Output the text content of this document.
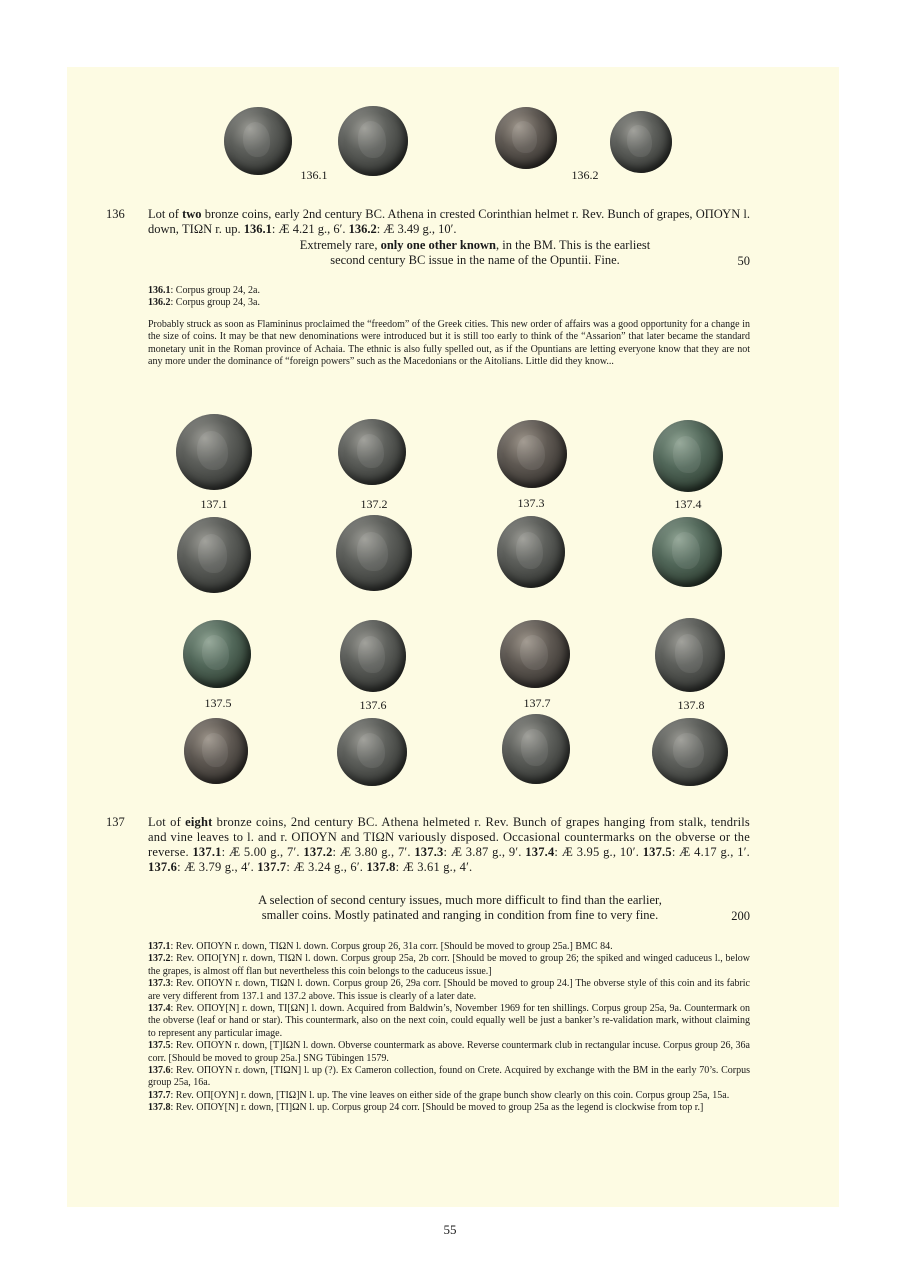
136.1	136.2
136 Lot of two bronze coins, early 2nd century BC. Athena in crested Corinthian helmet r. Rev. Bunch of grapes, ΟΠΟΥΝ l. down, ΤΙΩΝ r. up. 136.1: Æ 4.21 g., 6′. 136.2: Æ 3.49 g., 10′.
Extremely rare, only one other known, in the BM. This is the earliest
second century BC issue in the name of the Opuntii. Fine.	50

136.1: Corpus group 24, 2a.

136.2: Corpus group 24, 3a.

Probably struck as soon as Flamininus proclaimed the “freedom” of the Greek cities. This new order of affairs was a good opportunity for a change in the size of coins. It may be that new denominations were introduced but it is still too early to think of the “Assarion” that later became the standard monetary unit in the Roman province of Achaia. The ethnic is also fully spelled out, as if the Opuntians are letting everyone know that they are not any more under the dominance of “foreign powers” such as the Macedonians or the Aitolians. Little did they know...
137.1	137.2	137.3	137.4
137.5	137.6	137.7	137.8
137 Lot of eight bronze coins, 2nd century BC. Athena helmeted r. Rev. Bunch of grapes hanging from stalk, tendrils and vine leaves to l. and r. ΟΠΟΥΝ and ΤΙΩΝ variously disposed. Occasional countermarks on the obverse or the reverse. 137.1: Æ 5.00 g., 7′. 137.2: Æ 3.80 g., 7′. 137.3: Æ 3.87 g., 9′. 137.4: Æ 3.95 g., 10′. 137.5: Æ 4.17 g., 1′. 137.6: Æ 3.79 g., 4′. 137.7: Æ 3.24 g., 6′. 137.8: Æ 3.61 g., 4′.
A selection of second century issues, much more difficult to find than the earlier,
smaller coins. Mostly patinated and ranging in condition from fine to very fine.	200

137.1: Rev. ΟΠΟΥΝ r. down, ΤΙΩΝ l. down. Corpus group 26, 31a corr. [Should be moved to group 25a.] BMC 84.

137.2: Rev. ΟΠΟ[ΥΝ] r. down, ΤΙΩΝ l. down. Corpus group 25a, 2b corr. [Should be moved to group 26; the spiked and winged caduceus l., below the grapes, is almost off flan but nevertheless this coin belongs to the caduceus issue.]

137.3: Rev. ΟΠΟΥΝ r. down, ΤΙΩΝ l. down. Corpus group 26, 29a corr. [Should be moved to group 24.] The obverse style of this coin and its fabric are very different from 137.1 and 137.2 above. This issue is clearly of a later date.

137.4: Rev. ΟΠΟΥ[Ν] r. down, ΤΙ[ΩΝ] l. down. Acquired from Baldwin’s, November 1969 for ten shillings. Corpus group 25a, 9a. Countermark on the obverse (leaf or hand or star). This countermark, also on the next coin, could equally well be just a banker’s re-validation mark, without claiming to represent any particular image.

137.5: Rev. ΟΠΟΥΝ r. down, [Τ]ΙΩΝ l. down. Obverse countermark as above. Reverse countermark club in rectangular incuse. Corpus group 26, 36a corr. [Should be moved to group 25a.] SNG Tübingen 1579.

137.6: Rev. ΟΠΟΥΝ r. down, [ΤΙΩΝ] l. up (?). Ex Cameron collection, found on Crete. Acquired by exchange with the BM in the early 70’s. Corpus group 25a, 16a.

137.7: Rev. ΟΠ[ΟΥΝ] r. down, [ΤΙΩ]Ν l. up. The vine leaves on either side of the grape bunch show clearly on this coin. Corpus group 25a, 15a.

137.8: Rev. ΟΠΟΥ[Ν] r. down, [ΤΙ]ΩΝ l. up. Corpus group 24 corr. [Should be moved to group 25a as the legend is clockwise from top r.]

55
